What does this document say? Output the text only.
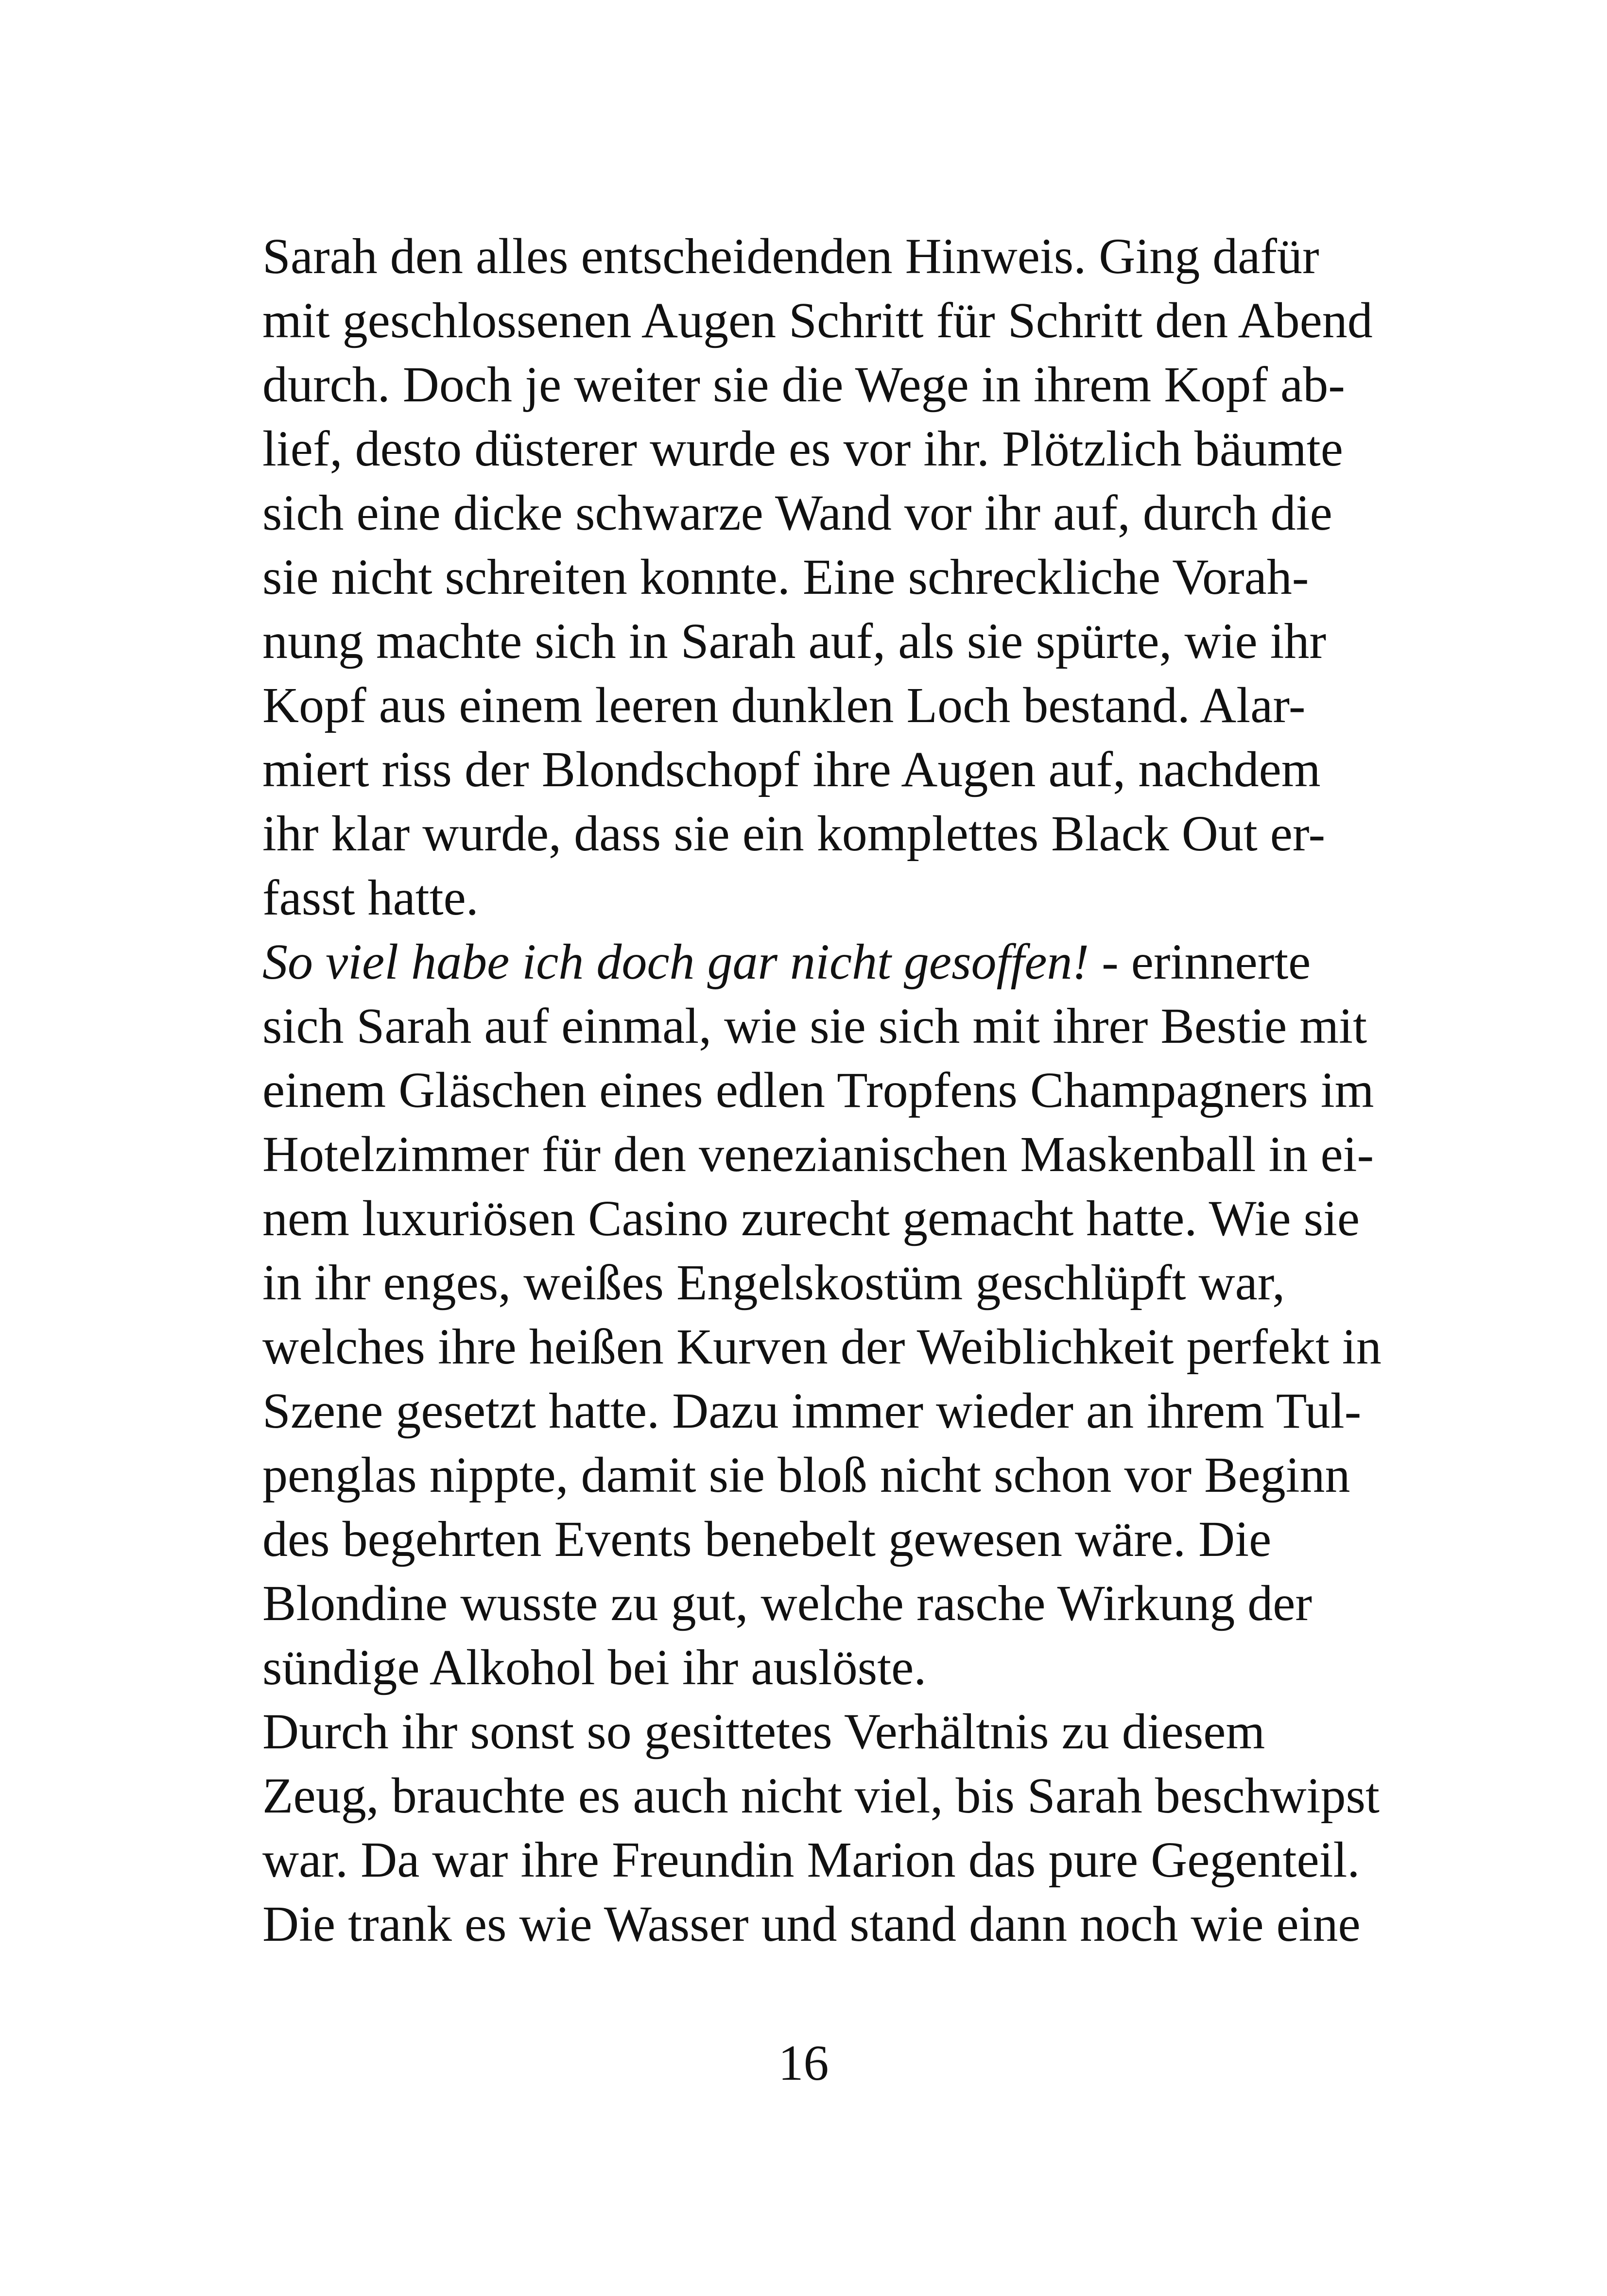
Sarah den alles entscheidenden Hinweis. Ging dafür
mit geschlossenen Augen Schritt für Schritt den Abend
durch. Doch je weiter sie die Wege in ihrem Kopf ab-
lief, desto düsterer wurde es vor ihr. Plötzlich bäumte
sich eine dicke schwarze Wand vor ihr auf, durch die
sie nicht schreiten konnte. Eine schreckliche Vorah-
nung machte sich in Sarah auf, als sie spürte, wie ihr
Kopf aus einem leeren dunklen Loch bestand. Alar-
miert riss der Blondschopf ihre Augen auf, nachdem
ihr klar wurde, dass sie ein komplettes Black Out er-
fasst hatte.
So viel habe ich doch gar nicht gesoffen! - erinnerte
sich Sarah auf einmal, wie sie sich mit ihrer Bestie mit
einem Gläschen eines edlen Tropfens Champagners im
Hotelzimmer für den venezianischen Maskenball in ei-
nem luxuriösen Casino zurecht gemacht hatte. Wie sie
in ihr enges, weißes Engelskostüm geschlüpft war,
welches ihre heißen Kurven der Weiblichkeit perfekt in
Szene gesetzt hatte. Dazu immer wieder an ihrem Tul-
penglas nippte, damit sie bloß nicht schon vor Beginn
des begehrten Events benebelt gewesen wäre. Die
Blondine wusste zu gut, welche rasche Wirkung der
sündige Alkohol bei ihr auslöste.
Durch ihr sonst so gesittetes Verhältnis zu diesem
Zeug, brauchte es auch nicht viel, bis Sarah beschwipst
war. Da war ihre Freundin Marion das pure Gegenteil.
Die trank es wie Wasser und stand dann noch wie eine
16
